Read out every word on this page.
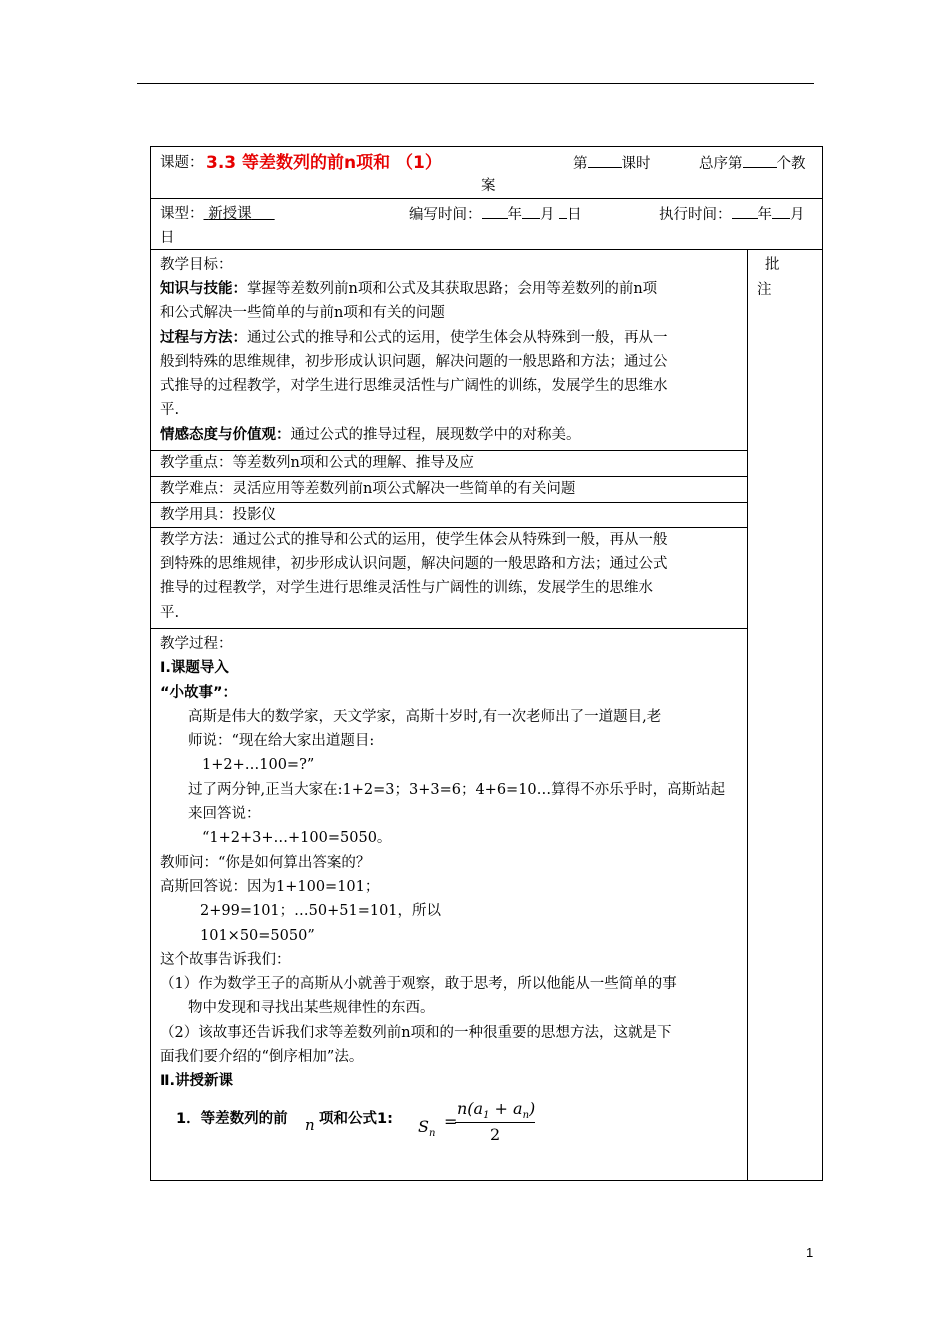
课题： 3.3 等差数列的前n项和 （1）	第 课时	总序第 个教
案
课型： 新授课	编写时间： 年 月 日	执行时间： 年 月
日
批
注
教学目标：
知识与技能：掌握等差数列前n项和公式及其获取思路；会用等差数列的前n项
和公式解决一些简单的与前n项和有关的问题
过程与方法：通过公式的推导和公式的运用，使学生体会从特殊到一般，再从一
般到特殊的思维规律，初步形成认识问题，解决问题的一般思路和方法；通过公
式推导的过程教学，对学生进行思维灵活性与广阔性的训练，发展学生的思维水
平.
情感态度与价值观：通过公式的推导过程，展现数学中的对称美。
教学重点：等差数列n项和公式的理解、推导及应
教学难点：灵活应用等差数列前n项公式解决一些简单的有关问题
教学用具：投影仪
教学方法：通过公式的推导和公式的运用，使学生体会从特殊到一般，再从一般
到特殊的思维规律，初步形成认识问题，解决问题的一般思路和方法；通过公式
推导的过程教学，对学生进行思维灵活性与广阔性的训练，发展学生的思维水
平.
教学过程：
Ⅰ.课题导入
“小故事”：
高斯是伟大的数学家，天文学家，高斯十岁时,有一次老师出了一道题目,老
师说：“现在给大家出道题目:
1+2+…100=?”
过了两分钟,正当大家在:1+2=3；3+3=6；4+6=10…算得不亦乐乎时，高斯站起
来回答说：
“1+2+3+…+100=5050。
教师问：“你是如何算出答案的？
高斯回答说：因为1+100=101；
2+99=101；…50+51=101，所以
101×50=5050”
这个故事告诉我们：
（1）作为数学王子的高斯从小就善于观察，敢于思考，所以他能从一些简单的事
物中发现和寻找出某些规律性的东西。
（2）该故事还告诉我们求等差数列前n项和的一种很重要的思想方法，这就是下
面我们要介绍的“倒序相加”法。
Ⅱ.讲授新课
1．等差数列的前 n 项和公式1: $S_n$
=
$n(a_1 + a_n)$
2
1
